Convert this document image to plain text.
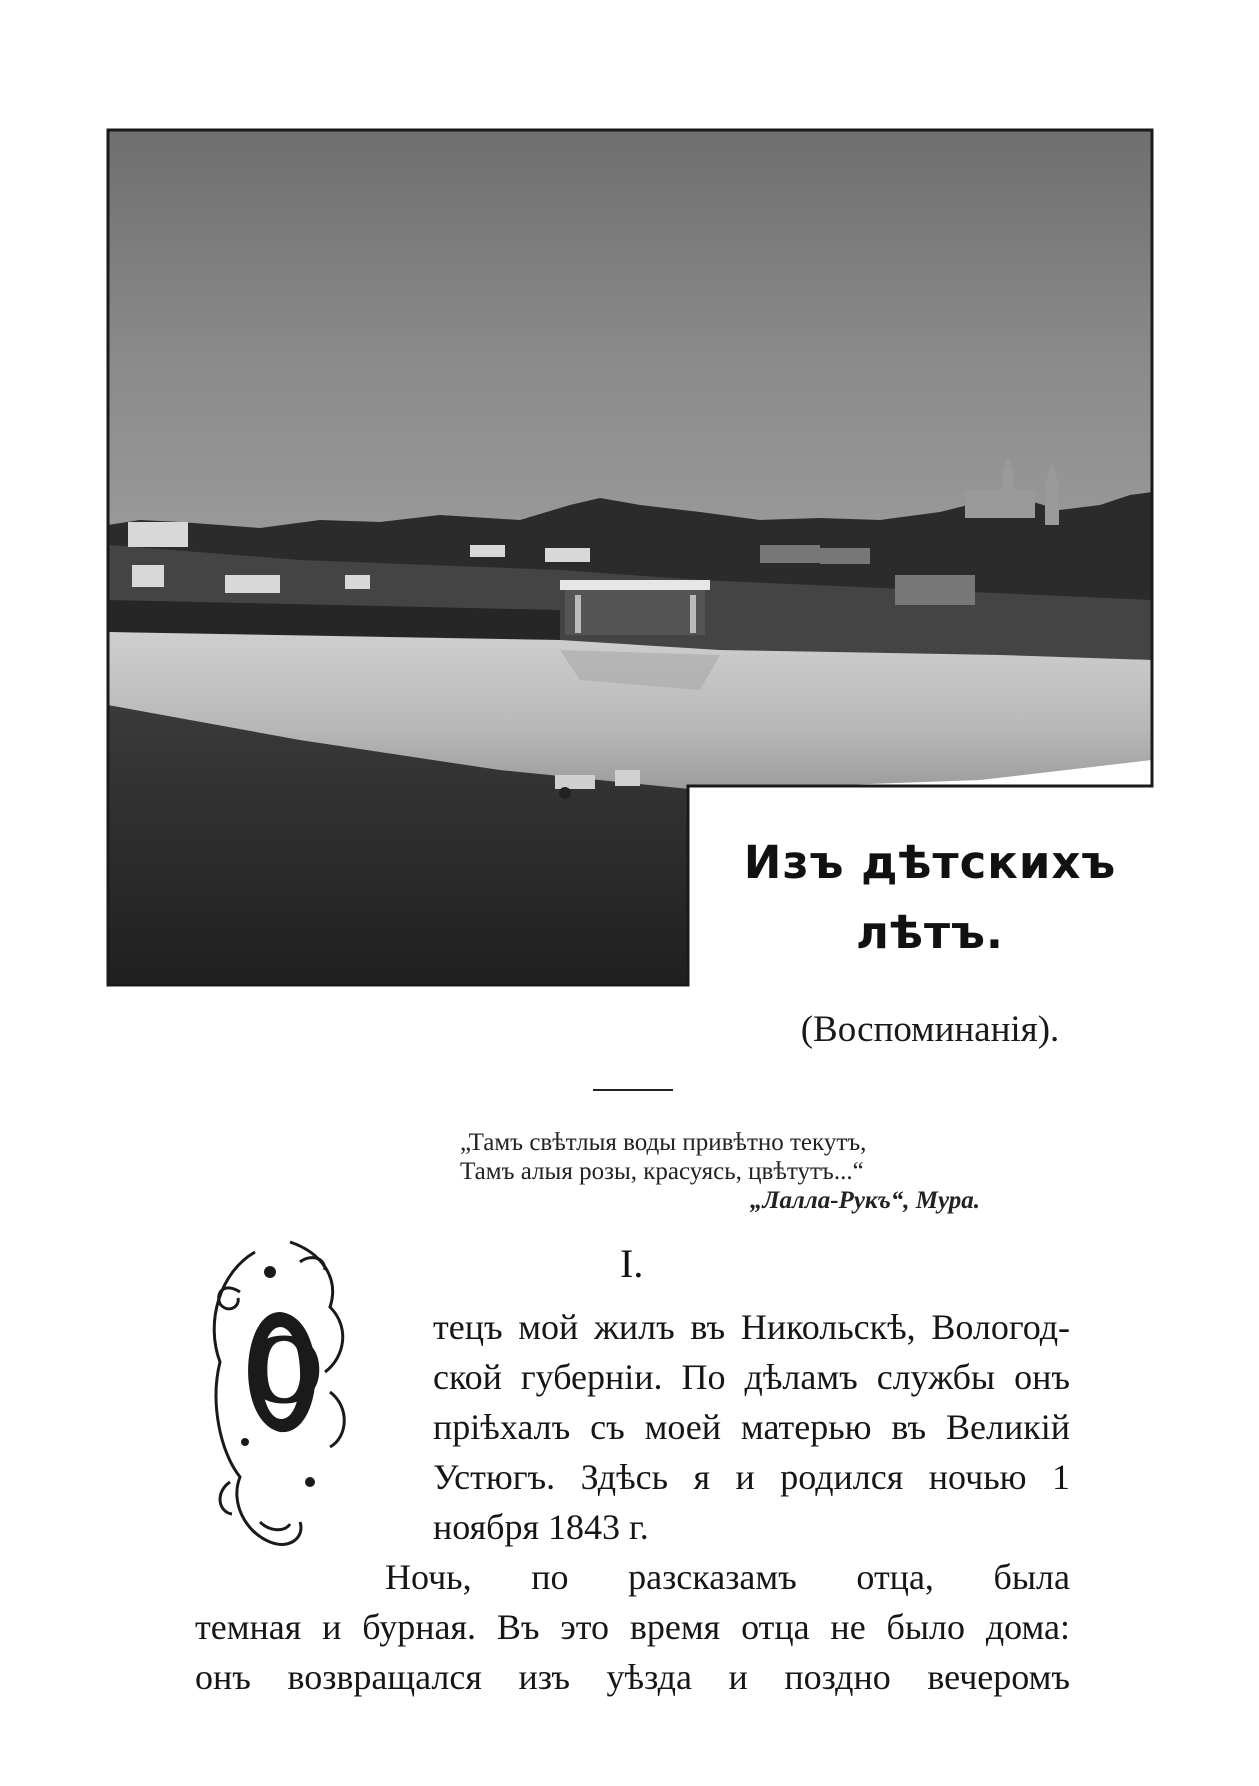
Изъ дѣтскихъ
лѣтъ.
(Воспоминанія).
„Тамъ свѣтлыя воды привѣтно текутъ,
Тамъ алыя розы, красуясь, цвѣтутъ...“
„Лалла-Рукъ“, Мура.
I.
О	тецъ мой жилъ въ Никольскѣ, Вологод-
ской губерніи. По дѣламъ службы онъ
пріѣхалъ съ моей матерью въ Великій
Устюгъ. Здѣсь я и родился ночью 1
ноября 1843 г.
Ночь, по разсказамъ отца, была
темная и бурная. Въ это время отца не было дома:
онъ возвращался изъ уѣзда и поздно вечеромъ
